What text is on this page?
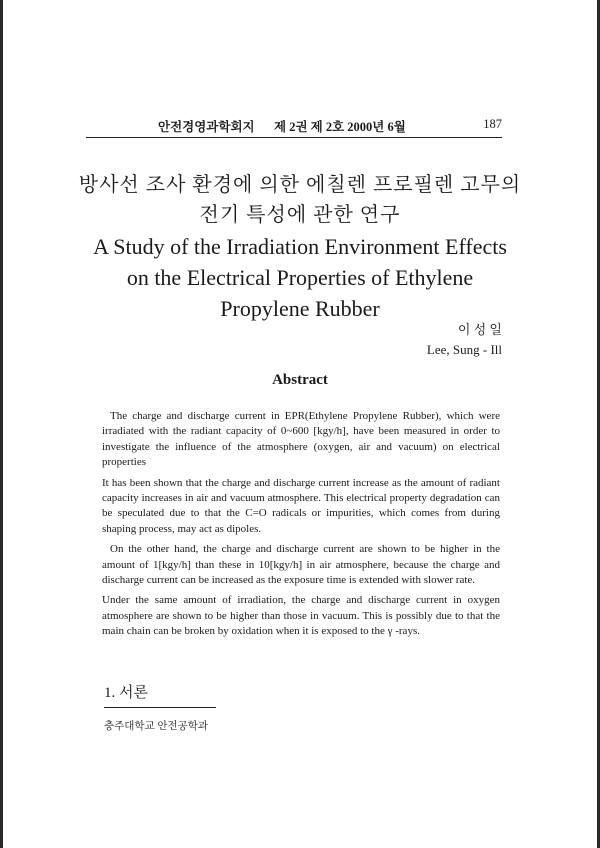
안전경영과학회지 제 2권 제 2호 2000년 6월	187
방사선 조사 환경에 의한 에칠렌 프로필렌 고무의
전기 특성에 관한 연구
A Study of the Irradiation Environment Effects
on the Electrical Properties of Ethylene
Propylene Rubber
이 성 일
Lee, Sung - Ill
Abstract

The charge and discharge current in EPR(Ethylene Propylene Rubber), which were irradiated with the radiant capacity of 0~600 [kgy/h], have been measured in order to investigate the influence of the atmosphere (oxygen, air and vacuum) on electrical properties

It has been shown that the charge and discharge current increase as the amount of radiant capacity increases in air and vacuum atmosphere. This electrical property degradation can be speculated due to that the C=O radicals or impurities, which comes from during shaping process, may act as dipoles.

On the other hand, the charge and discharge current are shown to be higher in the amount of 1[kgy/h] than these in 10[kgy/h] in air atmosphere, because the charge and discharge current can be increased as the exposure time is extended with slower rate.

Under the same amount of irradiation, the charge and discharge current in oxygen atmosphere are shown to be higher than those in vacuum. This is possibly due to that the main chain can be broken by oxidation when it is exposed to the γ -rays.

1. 서론
충주대학교 안전공학과
